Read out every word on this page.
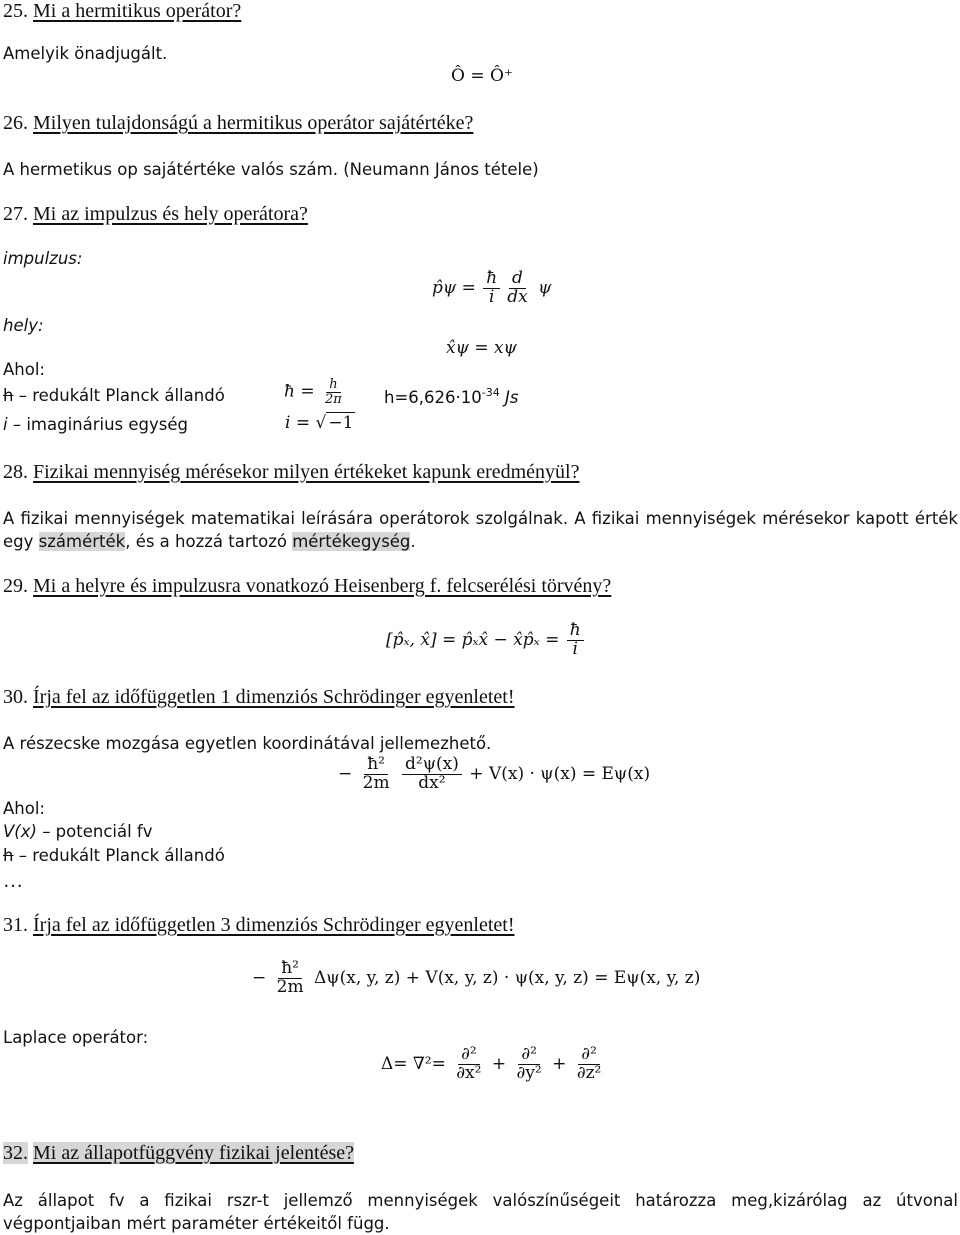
25. Mi a hermitikus operátor?
Amelyik önadjugált.
Ô = Ô⁺
26. Milyen tulajdonságú a hermitikus operátor sajátértéke?
A hermetikus op sajátértéke valós szám. (Neumann János tétele)
27. Mi az impulzus és hely operátora?
impulzus:
p̂ψ = $\frac{ħ}{i} \frac{d}{dx}$ ψ
hely:
x̂ψ = xψ
Ahol:
h – redukált Planck állandó	ħ = $\frac{h}{2\pi} h=6,626\cdot 10^{-34}$ Js
i – imaginárius egység	i = √ −1
28. Fizikai mennyiség mérésekor milyen értékeket kapunk eredményül?
A fizikai mennyiségek matematikai leírására operátorok szolgálnak. A fizikai mennyiségek mérésekor kapott érték egy számérték, és a hozzá tartozó mértékegység.
29. Mi a helyre és impulzusra vonatkozó Heisenberg f. felcserélési törvény?
[p̂ₓ, x̂] = p̂ₓx̂ − x̂p̂ₓ = $\frac{ħ}{i}$
30. Írja fel az időfüggetlen 1 dimenziós Schrödinger egyenletet!
A részecske mozgása egyetlen koordinátával jellemezhető.
− $\frac{\text{ħ²}}{2m}$
$\frac{\text{d²ψ(x)}}{\text{dx²}} + V(x) \cdot \psi(x) = E\psi(x)$
Ahol:
V(x) – potenciál fv
h – redukált Planck állandó
…
31. Írja fel az időfüggetlen 3 dimenziós Schrödinger egyenletet!
− $\frac{\text{ħ²}}{2m} \Delta\psi(x$, y, z) + V(x, y, z) · ψ(x, y, z) = Eψ(x, y, z)
Laplace operátor:
$\Delta= \nabla^2= \frac{\text{∂²}}{\text{∂x²}} + \frac{\text{∂²}}{\text{∂y²}} + \frac{\text{∂²}}{\text{∂z²}}$
32. Mi az állapotfüggvény fizikai jelentése?
Az állapot fv a fizikai rszr-t jellemző mennyiségek valószínűségeit határozza meg,kizárólag az útvonal végpontjaiban mért paraméter értékeitől függ.
